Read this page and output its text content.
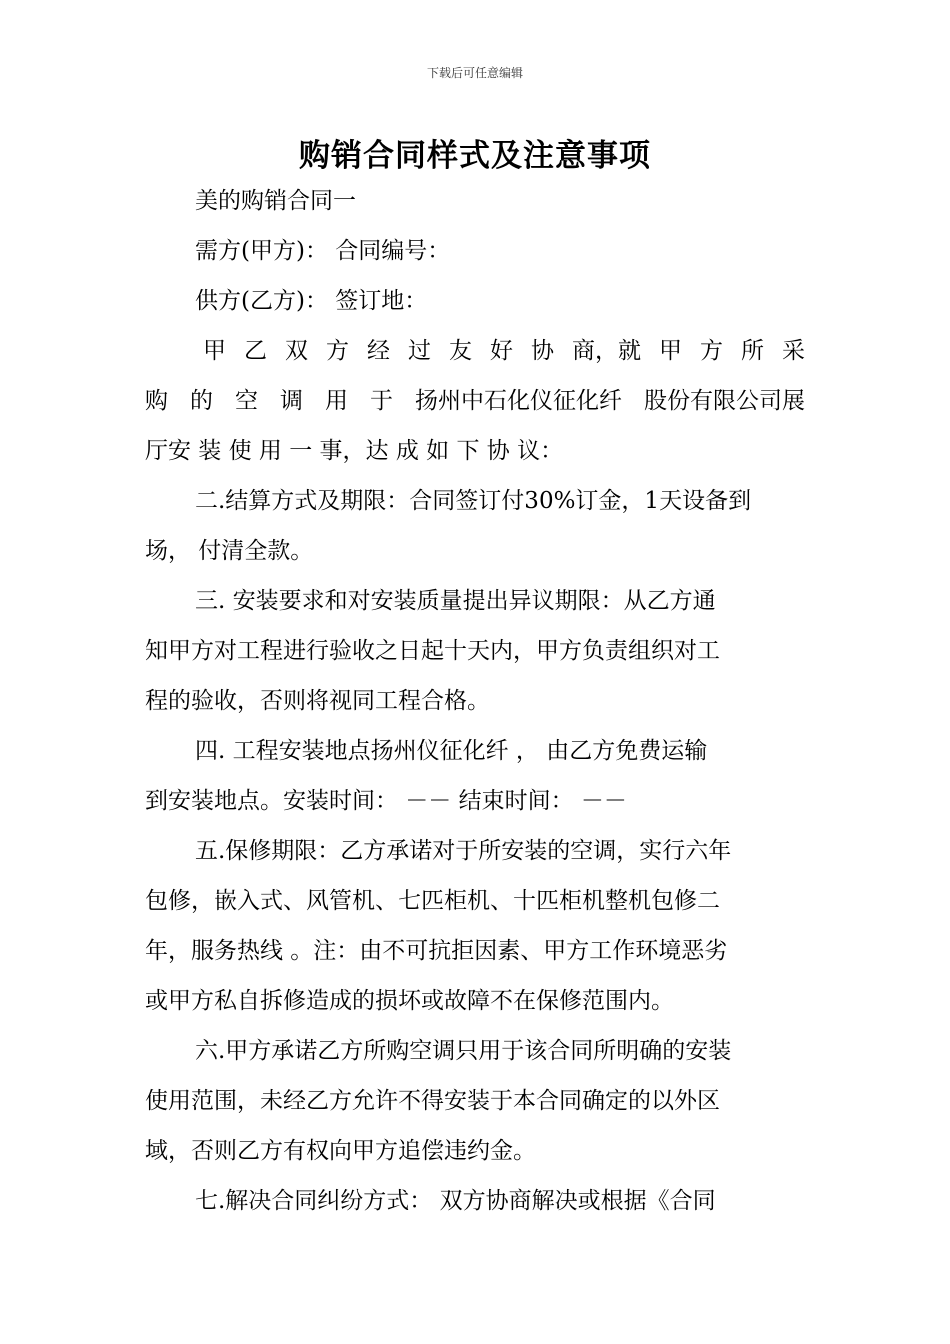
下载后可任意编辑
购销合同样式及注意事项
美的购销合同一
需方(甲方)： 合同编号：
供方(乙方)： 签订地：
甲 乙 双 方 经 过 友 好 协 商，就 甲 方 所 采
购 的 空 调 用 于 扬州中石化仪征化纤 股份有限公司展
厅安 装 使 用 一 事，达 成 如 下 协 议：
二.结算方式及期限：合同签订付30%订金，1天设备到
场， 付清全款。
三. 安装要求和对安装质量提出异议期限：从乙方通
知甲方对工程进行验收之日起十天内，甲方负责组织对工
程的验收，否则将视同工程合格。
四. 工程安装地点扬州仪征化纤 ， 由乙方免费运输
到安装地点。安装时间： －－ 结束时间： －－
五.保修期限：乙方承诺对于所安装的空调，实行六年
包修，嵌入式、风管机、七匹柜机、十匹柜机整机包修二
年，服务热线 。注：由不可抗拒因素、甲方工作环境恶劣
或甲方私自拆修造成的损坏或故障不在保修范围内。
六.甲方承诺乙方所购空调只用于该合同所明确的安装
使用范围，未经乙方允许不得安装于本合同确定的以外区
域，否则乙方有权向甲方追偿违约金。
七.解决合同纠纷方式： 双方协商解决或根据《合同
